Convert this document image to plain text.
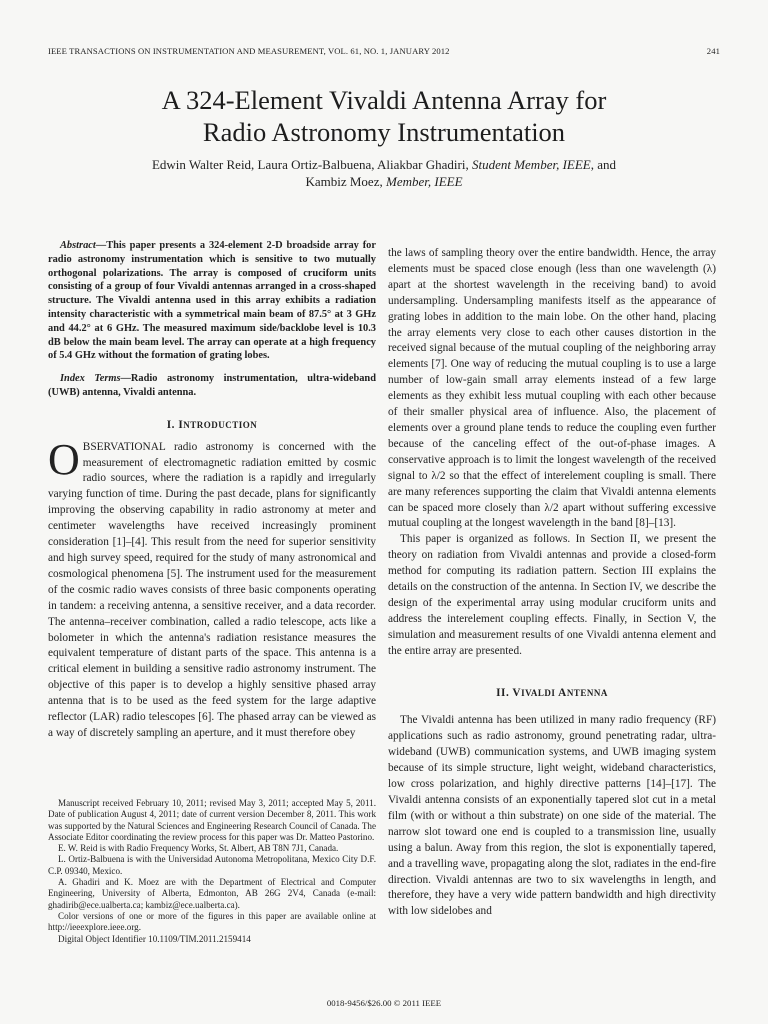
IEEE TRANSACTIONS ON INSTRUMENTATION AND MEASUREMENT, VOL. 61, NO. 1, JANUARY 2012	241
A 324-Element Vivaldi Antenna Array for
Radio Astronomy Instrumentation
Edwin Walter Reid, Laura Ortiz-Balbuena, Aliakbar Ghadiri, Student Member, IEEE, and
Kambiz Moez, Member, IEEE

Abstract—This paper presents a 324-element 2-D broadside array for radio astronomy instrumentation which is sensitive to two mutually orthogonal polarizations. The array is composed of cruciform units consisting of a group of four Vivaldi antennas arranged in a cross-shaped structure. The Vivaldi antenna used in this array exhibits a radiation intensity characteristic with a symmetrical main beam of 87.5° at 3 GHz and 44.2° at 6 GHz. The measured maximum side/backlobe level is 10.3 dB below the main beam level. The array can operate at a high frequency of 5.4 GHz without the formation of grating lobes.

Index Terms—Radio astronomy instrumentation, ultra-wideband (UWB) antenna, Vivaldi antenna.

I. INTRODUCTION

OBSERVATIONAL radio astronomy is concerned with the measurement of electromagnetic radiation emitted by cosmic radio sources, where the radiation is a rapidly and irregularly varying function of time. During the past decade, plans for significantly improving the observing capability in radio astronomy at meter and centimeter wavelengths have received increasingly prominent consideration [1]–[4]. This result from the need for superior sensitivity and high survey speed, required for the study of many astronomical and cosmological phenomena [5]. The instrument used for the measurement of the cosmic radio waves consists of three basic components operating in tandem: a receiving antenna, a sensitive receiver, and a data recorder. The antenna–receiver combination, called a radio telescope, acts like a bolometer in which the antenna's radiation resistance measures the equivalent temperature of distant parts of the space. This antenna is a critical element in building a sensitive radio astronomy instrument. The objective of this paper is to develop a highly sensitive phased array antenna that is to be used as the feed system for the large adaptive reflector (LAR) radio telescopes [6]. The phased array can be viewed as a way of discretely sampling an aperture, and it must therefore obey

the laws of sampling theory over the entire bandwidth. Hence, the array elements must be spaced close enough (less than one wavelength (λ) apart at the shortest wavelength in the receiving band) to avoid undersampling. Undersampling manifests itself as the appearance of grating lobes in addition to the main lobe. On the other hand, placing the array elements very close to each other causes distortion in the received signal because of the mutual coupling of the neighboring array elements [7]. One way of reducing the mutual coupling is to use a large number of low-gain small array elements instead of a few large elements as they exhibit less mutual coupling with each other because of their smaller physical area of influence. Also, the placement of elements over a ground plane tends to reduce the coupling even further because of the canceling effect of the out-of-phase images. A conservative approach is to limit the longest wavelength of the received signal to λ/2 so that the effect of interelement coupling is small. There are many references supporting the claim that Vivaldi antenna elements can be spaced more closely than λ/2 apart without suffering excessive mutual coupling at the longest wavelength in the band [8]–[13].

This paper is organized as follows. In Section II, we present the theory on radiation from Vivaldi antennas and provide a closed-form method for computing its radiation pattern. Section III explains the details on the construction of the antenna. In Section IV, we describe the design of the experimental array using modular cruciform units and address the interelement coupling effects. Finally, in Section V, the simulation and measurement results of one Vivaldi antenna element and the entire array are presented.

II. VIVALDI ANTENNA

The Vivaldi antenna has been utilized in many radio frequency (RF) applications such as radio astronomy, ground penetrating radar, ultra-wideband (UWB) communication systems, and UWB imaging system because of its simple structure, light weight, wideband characteristics, low cross polarization, and highly directive patterns [14]–[17]. The Vivaldi antenna consists of an exponentially tapered slot cut in a metal film (with or without a thin substrate) on one side of the material. The narrow slot toward one end is coupled to a transmission line, usually using a balun. Away from this region, the slot is exponentially tapered, and a travelling wave, propagating along the slot, radiates in the end-fire direction. Vivaldi antennas are two to six wavelengths in length, and therefore, they have a very wide pattern bandwidth and high directivity with low sidelobes and

Manuscript received February 10, 2011; revised May 3, 2011; accepted May 5, 2011. Date of publication August 4, 2011; date of current version December 8, 2011. This work was supported by the Natural Sciences and Engineering Research Council of Canada. The Associate Editor coordinating the review process for this paper was Dr. Matteo Pastorino.

E. W. Reid is with Radio Frequency Works, St. Albert, AB T8N 7J1, Canada.

L. Ortiz-Balbuena is with the Universidad Autonoma Metropolitana, Mexico City D.F. C.P. 09340, Mexico.

A. Ghadiri and K. Moez are with the Department of Electrical and Computer Engineering, University of Alberta, Edmonton, AB 26G 2V4, Canada (e-mail: ghadirib@ece.ualberta.ca; kambiz@ece.ualberta.ca).

Color versions of one or more of the figures in this paper are available online at http://ieeexplore.ieee.org.

Digital Object Identifier 10.1109/TIM.2011.2159414

0018-9456/$26.00 © 2011 IEEE
